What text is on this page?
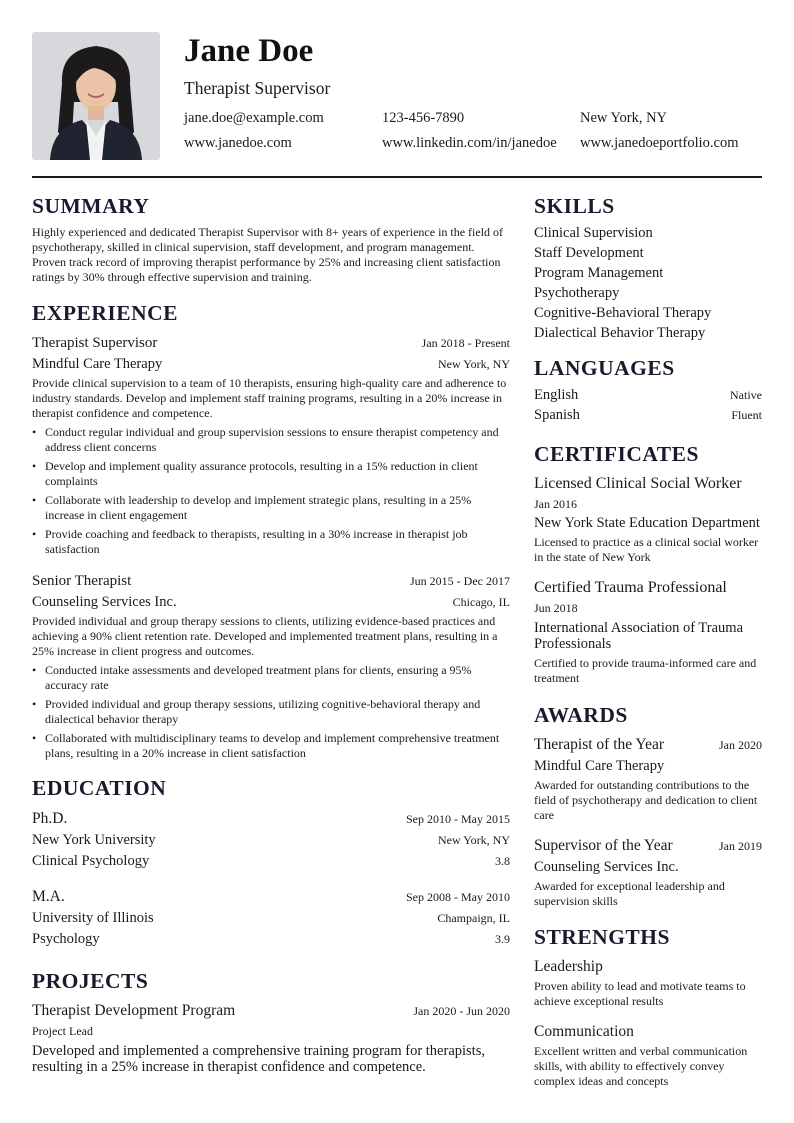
Jane Doe
Therapist Supervisor
jane.doe@example.com	123-456-7890	New York, NY
www.janedoe.com	www.linkedin.com/in/janedoe	www.janedoeportfolio.com
SUMMARY
Highly experienced and dedicated Therapist Supervisor with 8+ years of experience in the field of psychotherapy, skilled in clinical supervision, staff development, and program management. Proven track record of improving therapist performance by 25% and increasing client satisfaction ratings by 30% through effective supervision and training.
EXPERIENCE
Therapist Supervisor	Jan 2018 - Present
Mindful Care Therapy	New York, NY
Provide clinical supervision to a team of 10 therapists, ensuring high-quality care and adherence to industry standards. Develop and implement staff training programs, resulting in a 20% increase in therapist confidence and competence.
• Conduct regular individual and group supervision sessions to ensure therapist competency and address client concerns
• Develop and implement quality assurance protocols, resulting in a 15% reduction in client complaints
• Collaborate with leadership to develop and implement strategic plans, resulting in a 25% increase in client engagement
• Provide coaching and feedback to therapists, resulting in a 30% increase in therapist job satisfaction
Senior Therapist	Jun 2015 - Dec 2017
Counseling Services Inc.	Chicago, IL
Provided individual and group therapy sessions to clients, utilizing evidence-based practices and achieving a 90% client retention rate. Developed and implemented treatment plans, resulting in a 25% increase in client progress and outcomes.
• Conducted intake assessments and developed treatment plans for clients, ensuring a 95% accuracy rate
• Provided individual and group therapy sessions, utilizing cognitive-behavioral therapy and dialectical behavior therapy
• Collaborated with multidisciplinary teams to develop and implement comprehensive treatment plans, resulting in a 20% increase in client satisfaction
EDUCATION
Ph.D.	Sep 2010 - May 2015
New York University	New York, NY
Clinical Psychology	3.8
M.A.	Sep 2008 - May 2010
University of Illinois	Champaign, IL
Psychology	3.9
PROJECTS
Therapist Development Program	Jan 2020 - Jun 2020
Project Lead
Developed and implemented a comprehensive training program for therapists, resulting in a 25% increase in therapist confidence and competence.
SKILLS
Clinical Supervision
Staff Development
Program Management
Psychotherapy
Cognitive-Behavioral Therapy
Dialectical Behavior Therapy
LANGUAGES
English	Native
Spanish	Fluent
CERTIFICATES
Licensed Clinical Social Worker
Jan 2016
New York State Education Department
Licensed to practice as a clinical social worker in the state of New York
Certified Trauma Professional
Jun 2018
International Association of Trauma Professionals
Certified to provide trauma-informed care and treatment
AWARDS
Therapist of the Year	Jan 2020
Mindful Care Therapy
Awarded for outstanding contributions to the field of psychotherapy and dedication to client care
Supervisor of the Year	Jan 2019
Counseling Services Inc.
Awarded for exceptional leadership and supervision skills
STRENGTHS
Leadership
Proven ability to lead and motivate teams to achieve exceptional results
Communication
Excellent written and verbal communication skills, with ability to effectively convey complex ideas and concepts
